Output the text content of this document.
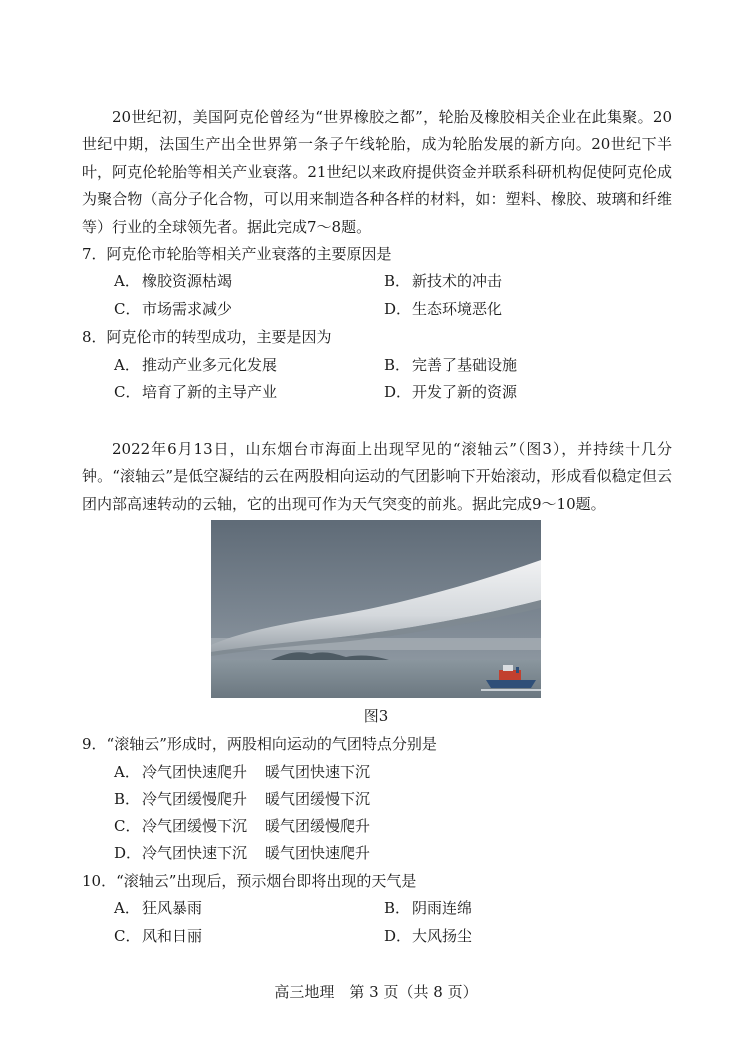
20世纪初，美国阿克伦曾经为“世界橡胶之都”，轮胎及橡胶相关企业在此集聚。20世纪中期，法国生产出全世界第一条子午线轮胎，成为轮胎发展的新方向。20世纪下半叶，阿克伦轮胎等相关产业衰落。21世纪以来政府提供资金并联系科研机构促使阿克伦成为聚合物（高分子化合物，可以用来制造各种各样的材料，如：塑料、橡胶、玻璃和纤维等）行业的全球领先者。据此完成7～8题。

7．阿克伦市轮胎等相关产业衰落的主要原因是

A． 橡胶资源枯竭	B． 新技术的冲击

C． 市场需求减少	D．生态环境恶化

8．阿克伦市的转型成功，主要是因为

A． 推动产业多元化发展	B． 完善了基础设施

C． 培育了新的主导产业	D．开发了新的资源

2022年6月13日，山东烟台市海面上出现罕见的“滚轴云”（图3），并持续十几分钟。“滚轴云”是低空凝结的云在两股相向运动的气团影响下开始滚动，形成看似稳定但云团内部高速转动的云轴，它的出现可作为天气突变的前兆。据此完成9～10题。

图3

9．“滚轴云”形成时，两股相向运动的气团特点分别是

A． 冷气团快速爬升 暖气团快速下沉

B． 冷气团缓慢爬升 暖气团缓慢下沉

C． 冷气团缓慢下沉 暖气团缓慢爬升

D．冷气团快速下沉 暖气团快速爬升

10．“滚轴云”出现后，预示烟台即将出现的天气是

A． 狂风暴雨	B． 阴雨连绵

C． 风和日丽	D．大风扬尘

高三地理　第 3 页（共 8 页）
